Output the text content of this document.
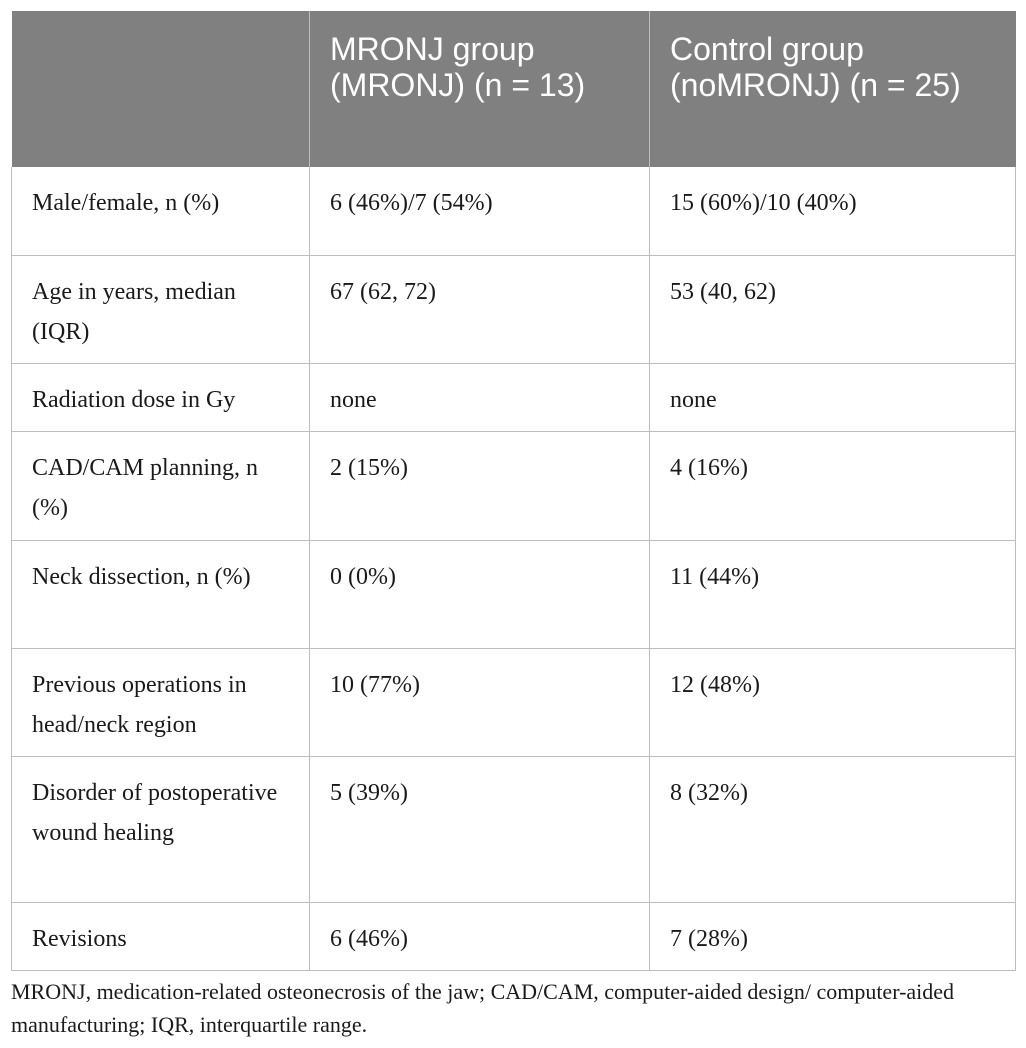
	MRONJ group (MRONJ) (n = 13)	Control group (noMRONJ) (n = 25)
Male/female, n (%)	6 (46%)/7 (54%)	15 (60%)/10 (40%)
Age in years, median (IQR)	67 (62, 72)	53 (40, 62)
Radiation dose in Gy	none	none
CAD/CAM planning, n (%)	2 (15%)	4 (16%)
Neck dissection, n (%)	0 (0%)	11 (44%)
Previous operations in head/neck region	10 (77%)	12 (48%)
Disorder of postoperative wound healing	5 (39%)	8 (32%)
Revisions	6 (46%)	7 (28%)

MRONJ, medication-related osteonecrosis of the jaw; CAD/CAM, computer-aided design/ computer-aided manufacturing; IQR, interquartile range.
